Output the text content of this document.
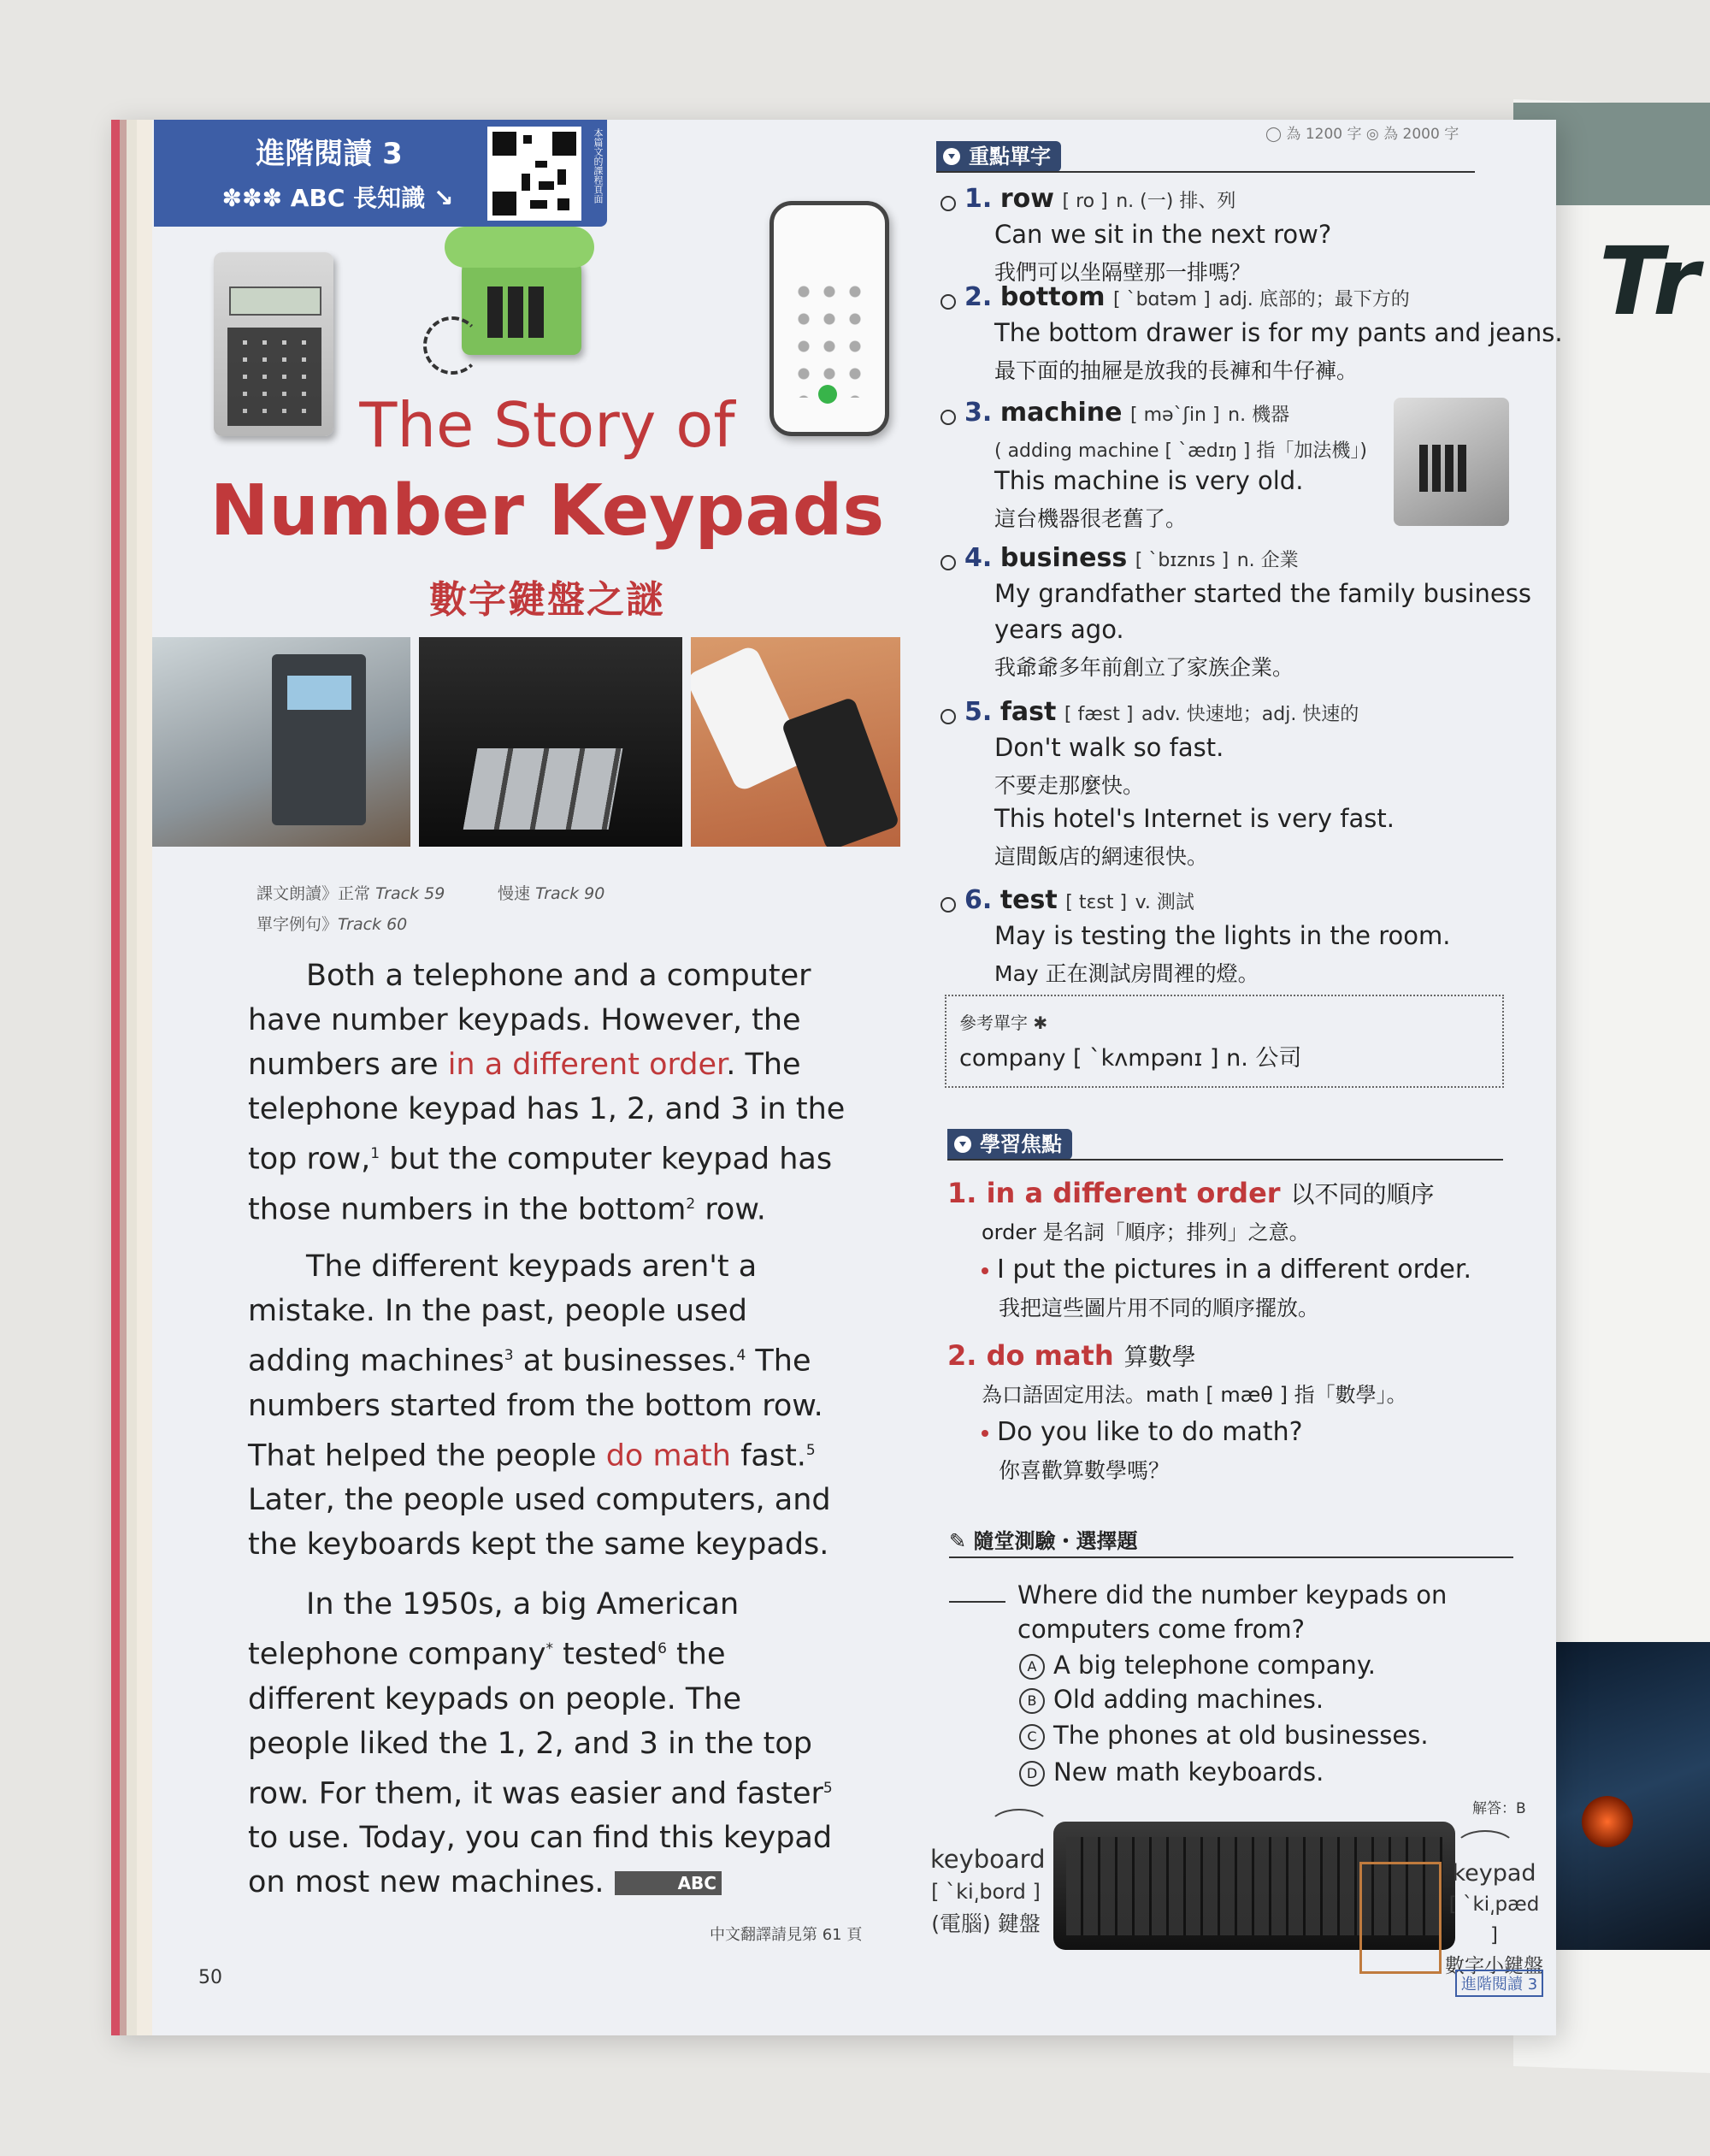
Tr
進階閱讀 3
✽✽✽ ABC 長知識 ↘	本篇文的課程頁面
The Story of
Number Keypads
數字鍵盤之謎
課文朗讀》正常 Track 59	慢速 Track 90
單字例句》Track 60
Both a telephone and a computer have number keypads. However, the numbers are in a different order. The telephone keypad has 1, 2, and 3 in the top row,$^1$ but the computer keypad has those numbers in the bottom$^2$ row.
The different keypads aren't a mistake. In the past, people used adding machines$^3$ at businesses.$^4$ The numbers started from the bottom row. That helped the people do math fast.$^5$ Later, the people used computers, and the keyboards kept the same keypads.
In the 1950s, a big American telephone company* tested$^6$ the different keypads on people. The people liked the 1, 2, and 3 in the top row. For them, it was easier and faster$^5$ to use. Today, you can find this keypad on most new machines.	ABC
中文翻譯請見第 61 頁
50
◯ 為 1200 字 ◎ 為 2000 字
重點單字
1. row [ ro ] n. (一) 排、列
Can we sit in the next row?
我們可以坐隔壁那一排嗎？
2. bottom [ ˋbɑtəm ] adj. 底部的；最下方的
The bottom drawer is for my pants and jeans.
最下面的抽屜是放我的長褲和牛仔褲。
3. machine [ məˋʃin ] n. 機器
( adding machine [ ˋædɪŋ ] 指「加法機」)
This machine is very old.
這台機器很老舊了。
4. business [ ˋbɪznɪs ] n. 企業
My grandfather started the family business
years ago.
我爺爺多年前創立了家族企業。
5. fast [ fæst ] adv. 快速地；adj. 快速的
Don't walk so fast.
不要走那麼快。
This hotel's Internet is very fast.
這間飯店的網速很快。
6. test [ tɛst ] v. 測試
May is testing the lights in the room.
May 正在測試房間裡的燈。
參考單字 ✱
company [ ˋkʌmpənɪ ] n. 公司
學習焦點
1. in a different order 以不同的順序
order 是名詞「順序；排列」之意。
I put the pictures in a different order.
我把這些圖片用不同的順序擺放。
2. do math 算數學
為口語固定用法。math [ mæθ ] 指「數學」。
Do you like to do math?
你喜歡算數學嗎？
✎ 隨堂測驗・選擇題
Where did the number keypads on computers come from?
A A big telephone company.
B Old adding machines.
C The phones at old businesses.
D New math keyboards.
解答：B
keyboard
[ ˋki͵bord ]
(電腦) 鍵盤
keypad
[ ˋki͵pæd ]
數字小鍵盤
進階閱讀 3
